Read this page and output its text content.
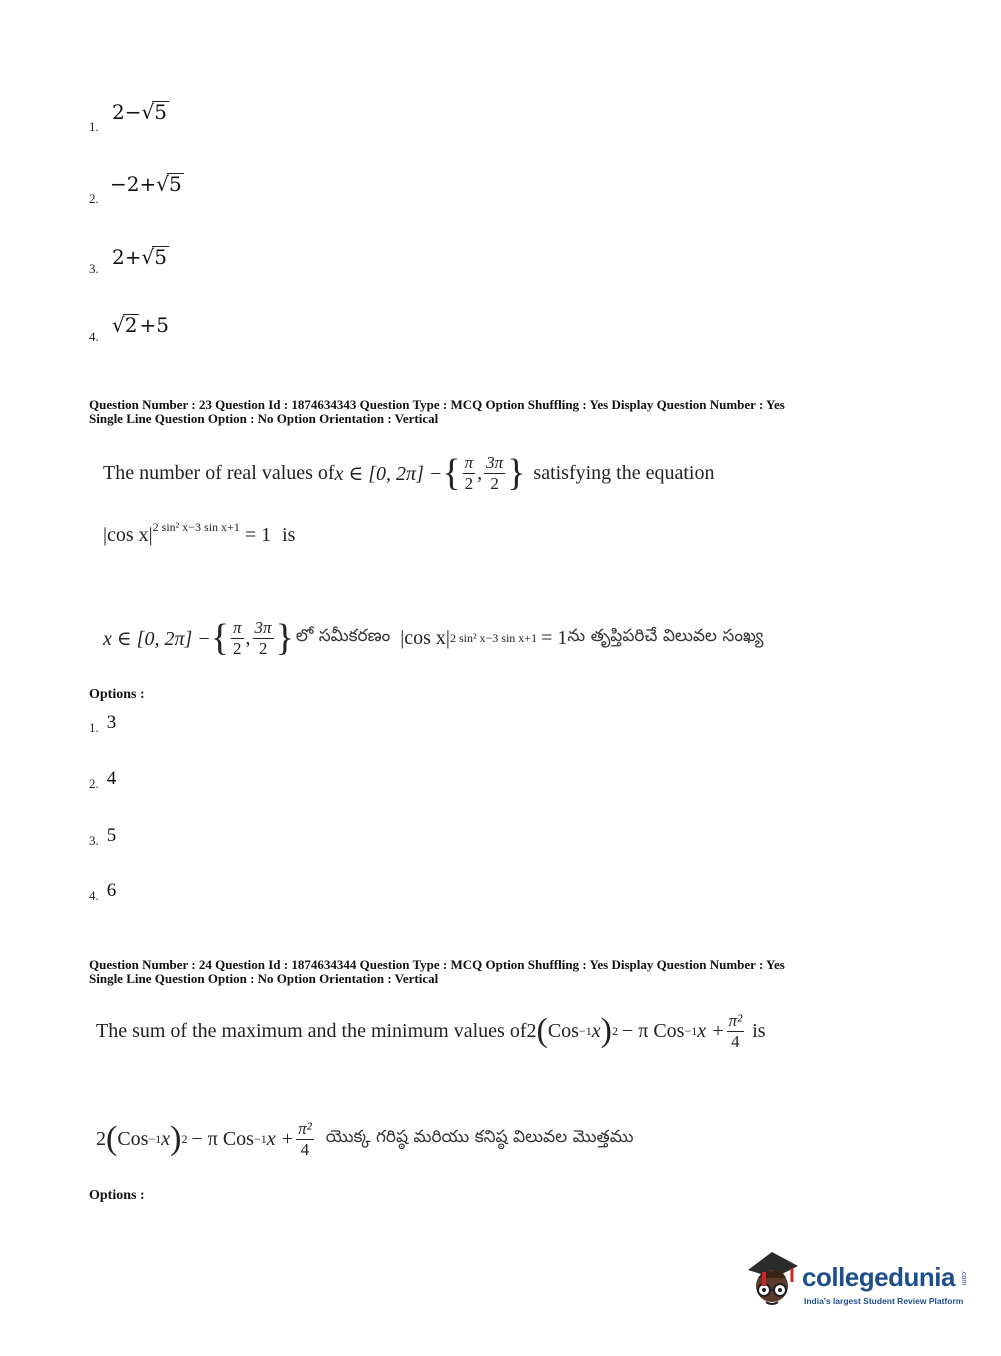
1.
2−√5
2.
−2+√5
3. 2+√5
4. √2 +5
Question Number : 23 Question Id : 1874634343 Question Type : MCQ Option Shuffling : Yes Display Question Number : Yes
Single Line Question Option : No Option Orientation : Vertical
The number of real values of x ∈ [0, 2π] − { $\frac{\pi}{2}$ , $\frac{3\pi}{2}$ } satisfying the equation
|cos $x|^{2 sin^2 x-3 sin x+1} = 1$ is
x ∈ [0, 2π] − { $\frac{\pi}{2}$ , $\frac{3\pi}{2}$ } లో సమీకరణం |cos x| 2 sin² x−3 sin x+1 = 1 ను తృప్తిపరిచే విలువల సంఖ్య
Options :
1. 3
2. 4
3. 5
4. 6
Question Number : 24 Question Id : 1874634344 Question Type : MCQ Option Shuffling : Yes Display Question Number : Yes
Single Line Question Option : No Option Orientation : Vertical
The sum of the maximum and the minimum values of 2 ( Cos −1 x ) 2 − π Cos −1 $x + \frac{\text{π²}}{4}$ is
2 ( Cos −1 x ) 2 − π Cos −1 $x + \frac{\text{π²}}{4}$ యొక్క గరిష్ఠ మరియు కనిష్ఠ విలువల మొత్తము
Options :
collegedunia .com
India's largest Student Review Platform
